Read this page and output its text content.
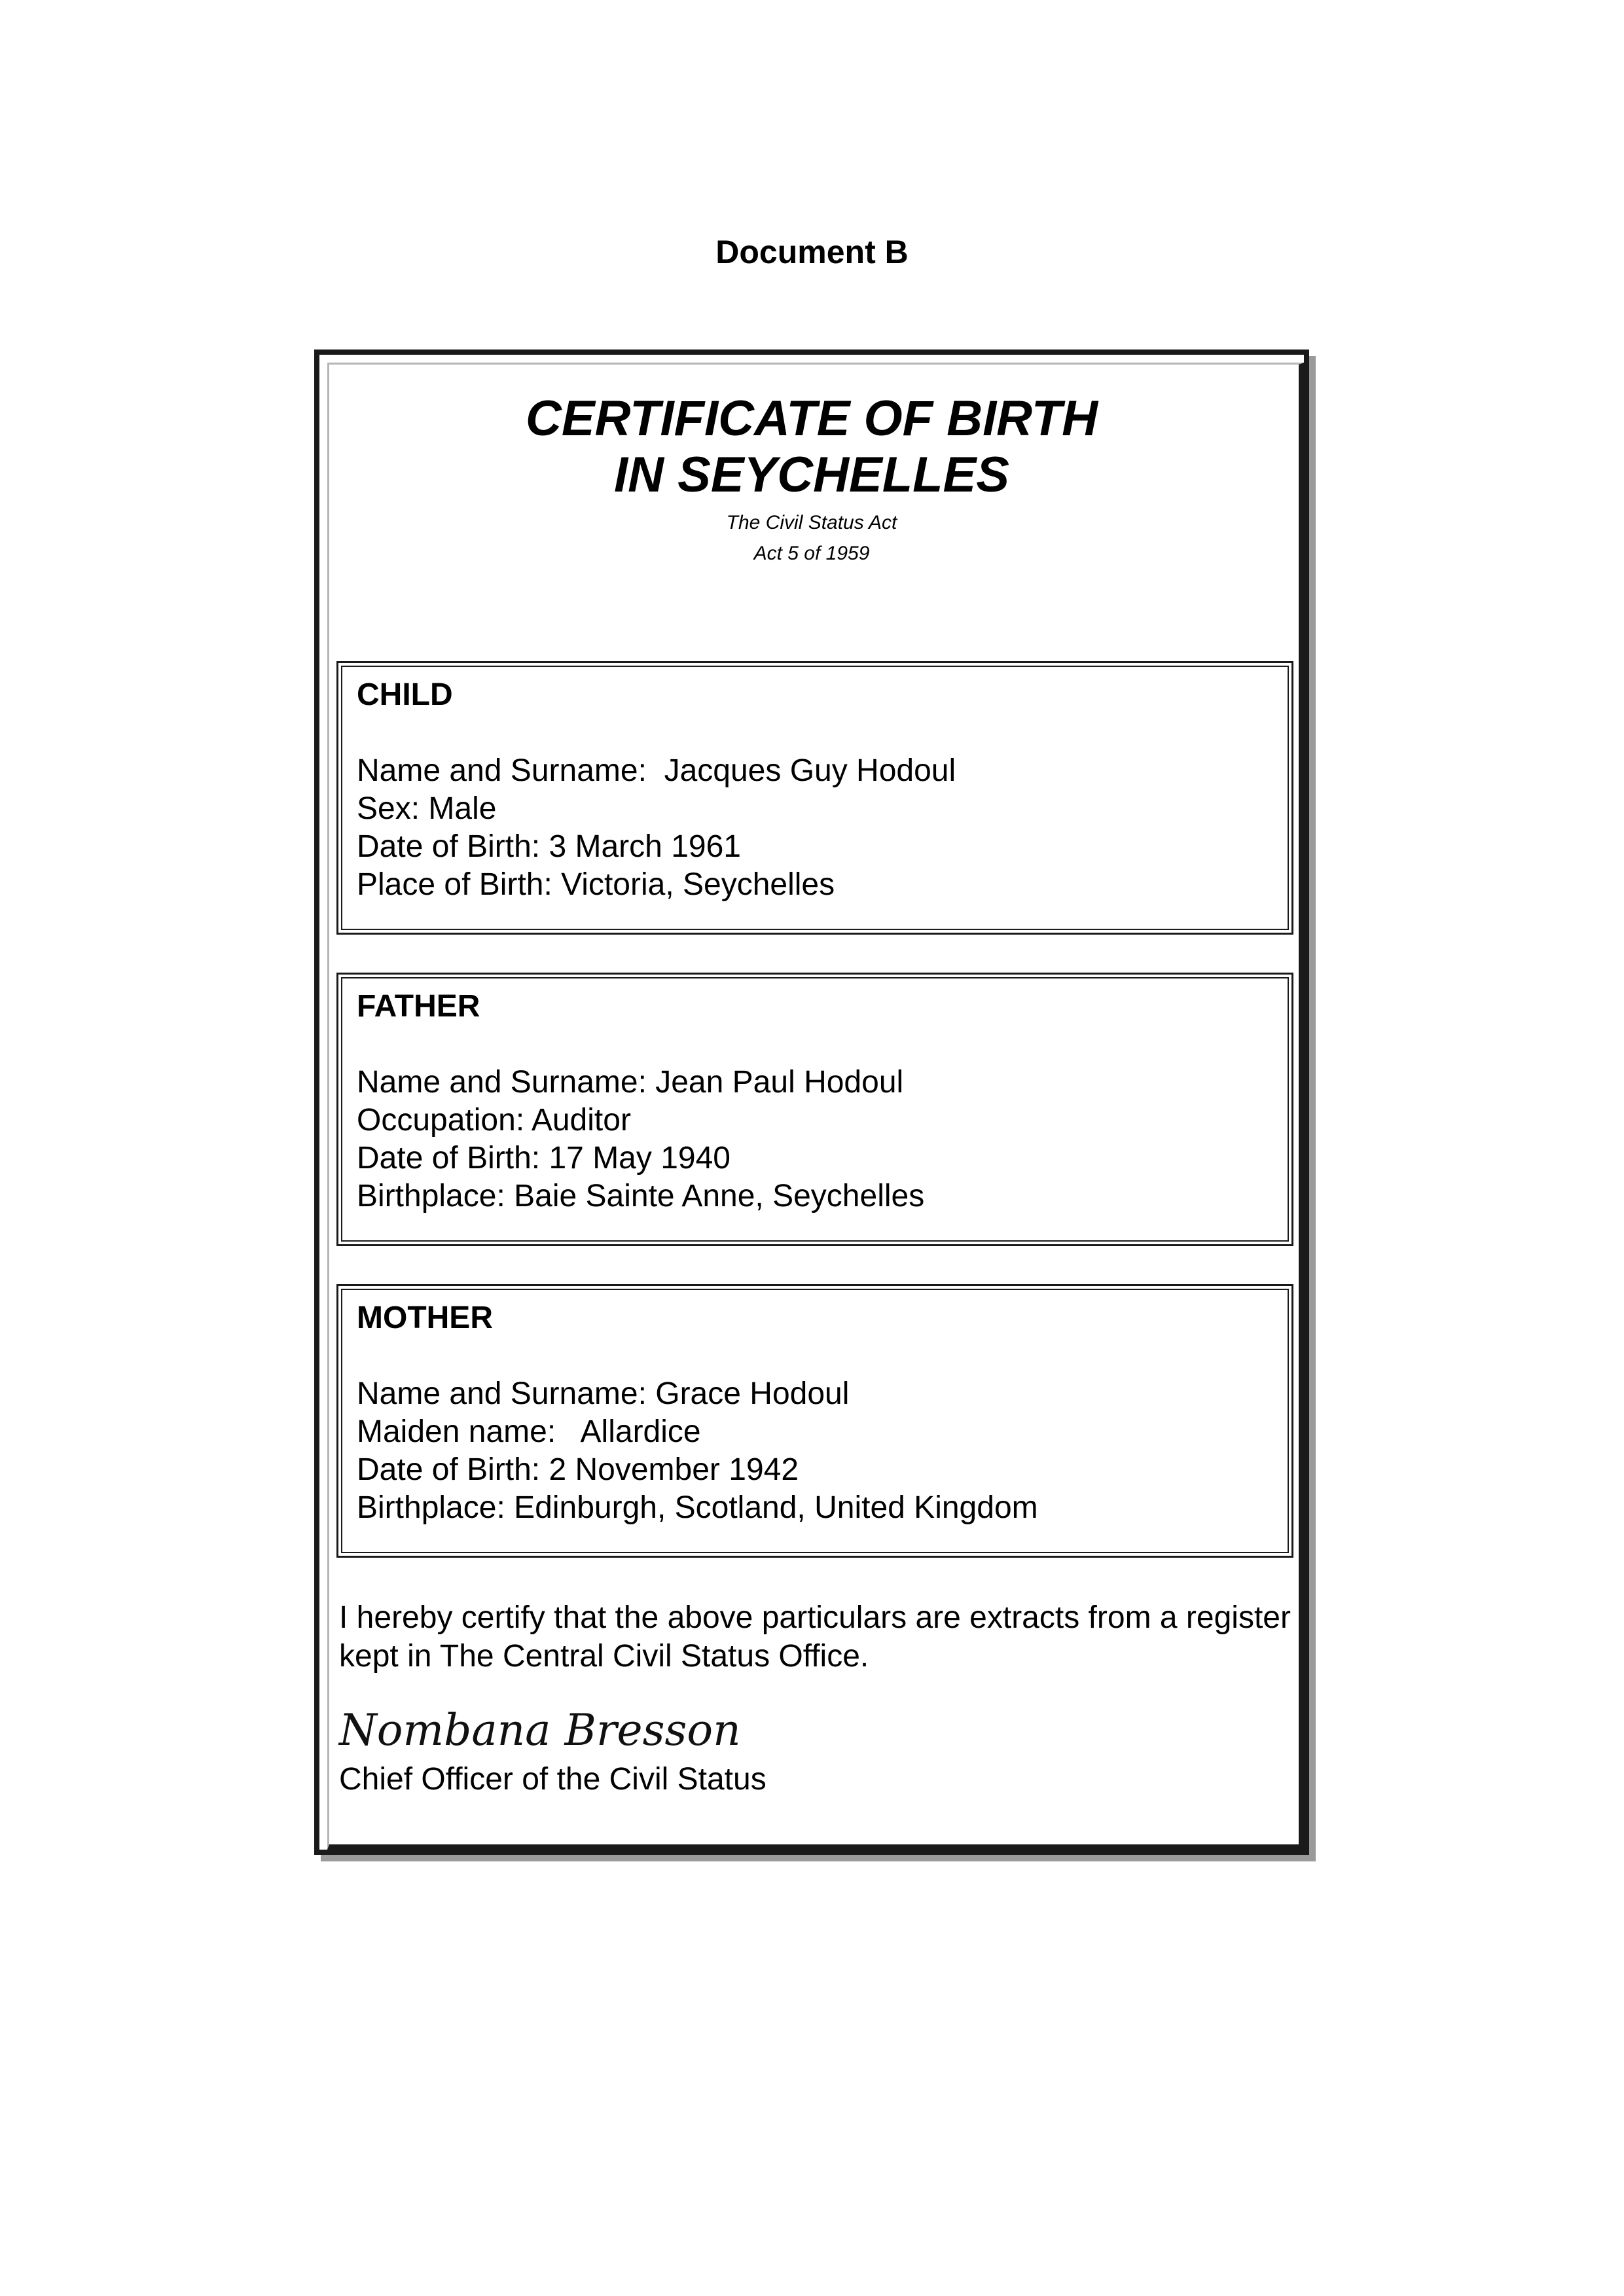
Document B

CERTIFICATE OF BIRTH

IN SEYCHELLES

The Civil Status Act

Act 5 of 1959

CHILD

Name and Surname:  Jacques Guy Hodoul

Sex: Male

Date of Birth: 3 March 1961

Place of Birth: Victoria, Seychelles

FATHER

Name and Surname: Jean Paul Hodoul

Occupation: Auditor

Date of Birth: 17 May 1940

Birthplace: Baie Sainte Anne, Seychelles

MOTHER

Name and Surname: Grace Hodoul

Maiden name:   Allardice

Date of Birth: 2 November 1942

Birthplace: Edinburgh, Scotland, United Kingdom

I hereby certify that the above particulars are extracts from a register kept in The Central Civil Status Office.

Nombana Bresson

Chief Officer of the Civil Status
